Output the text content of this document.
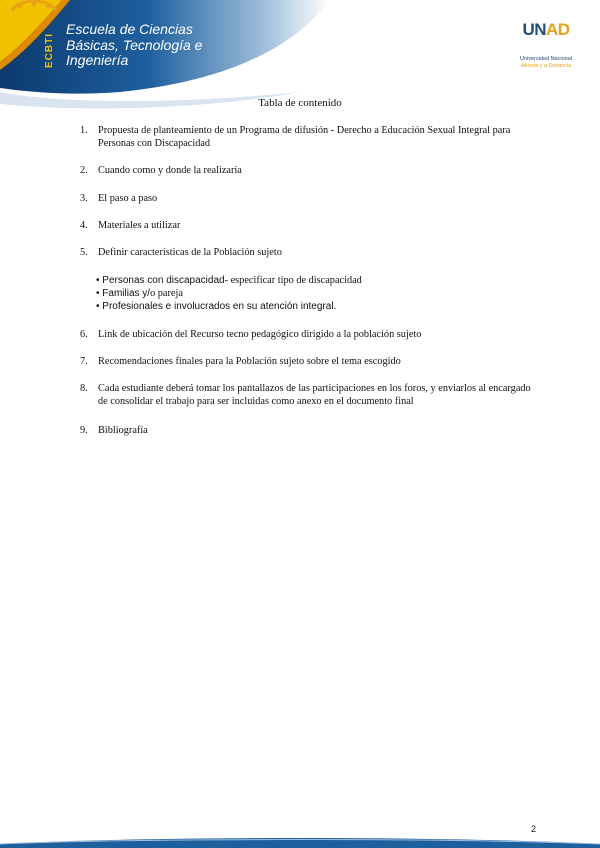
ECBTI
Escuela de Ciencias
Básicas, Tecnología e
Ingeniería
UNAD
Universidad Nacional
Abierta y a Distancia
Tabla de contenido
1. Propuesta de planteamiento de un Programa de difusión - Derecho a Educación Sexual Integral para Personas con Discapacidad
2. Cuando como y donde la realizaría
3. El paso a paso
4. Materiales a utilizar
5. Definir características de la Población sujeto
• Personas con discapacidad- especificar tipo de discapacidad
• Familias y/o pareja
• Profesionales e involucrados en su atención integral.
6. Link de ubicación del Recurso tecno pedagógico dirigido a la población sujeto
7. Recomendaciones finales para la Población sujeto sobre el tema escogido
8. Cada estudiante deberá tomar los pantallazos de las participaciones en los foros, y enviarlos al encargado de consolidar el trabajo para ser incluidas como anexo en el documento final
9. Bibliografía
2
